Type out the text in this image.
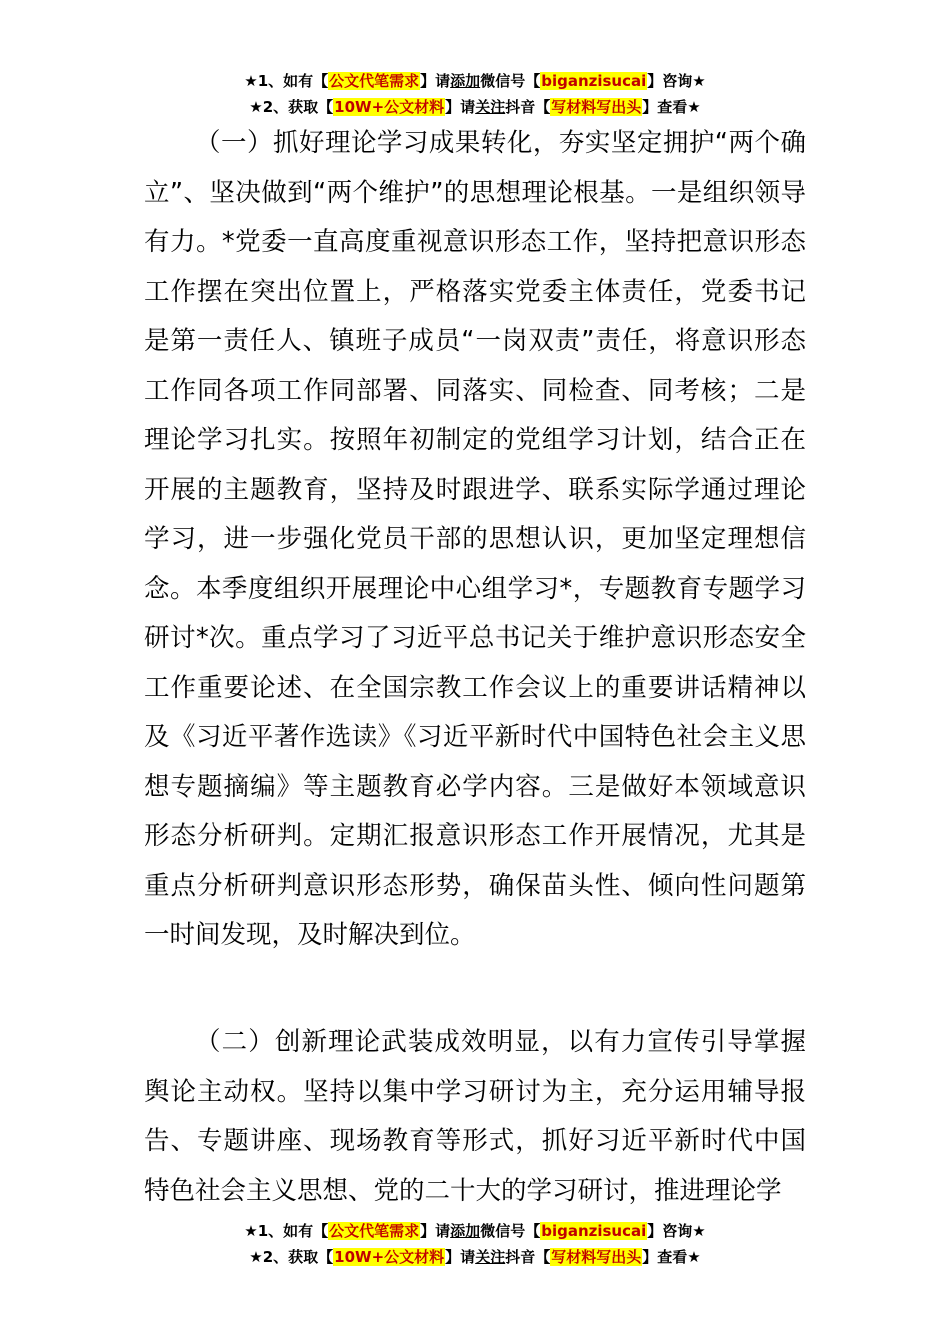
★1、如有【公文代笔需求】请添加微信号【biganzisucai】咨询★
★2、获取【10W+公文材料】请关注抖音【写材料写出头】查看★

（一）抓好理论学习成果转化，夯实坚定拥护“两个确立”、坚决做到“两个维护”的思想理论根基。一是组织领导有力。*党委一直高度重视意识形态工作，坚持把意识形态工作摆在突出位置上，严格落实党委主体责任，党委书记是第一责任人、镇班子成员“一岗双责”责任，将意识形态工作同各项工作同部署、同落实、同检查、同考核；二是理论学习扎实。按照年初制定的党组学习计划，结合正在开展的主题教育，坚持及时跟进学、联系实际学通过理论学习，进一步强化党员干部的思想认识，更加坚定理想信念。本季度组织开展理论中心组学习*，专题教育专题学习研讨*次。重点学习了习近平总书记关于维护意识形态安全工作重要论述、在全国宗教工作会议上的重要讲话精神以及《习近平著作选读》《习近平新时代中国特色社会主义思想专题摘编》等主题教育必学内容。三是做好本领域意识形态分析研判。定期汇报意识形态工作开展情况，尤其是重点分析研判意识形态形势，确保苗头性、倾向性问题第一时间发现，及时解决到位。

（二）创新理论武装成效明显，以有力宣传引导掌握舆论主动权。坚持以集中学习研讨为主，充分运用辅导报告、专题讲座、现场教育等形式，抓好习近平新时代中国特色社会主义思想、党的二十大的学习研讨，推进理论学

★1、如有【公文代笔需求】请添加微信号【biganzisucai】咨询★
★2、获取【10W+公文材料】请关注抖音【写材料写出头】查看★
